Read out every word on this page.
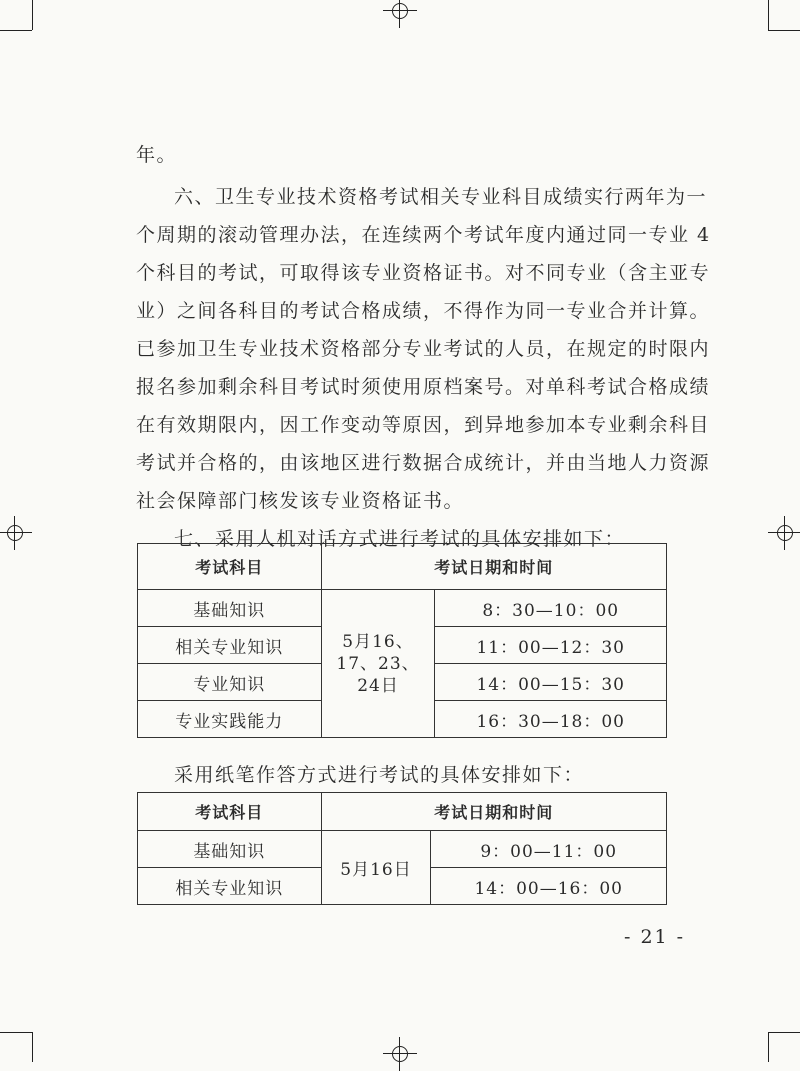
年。
六、卫生专业技术资格考试相关专业科目成绩实行两年为一
个周期的滚动管理办法，在连续两个考试年度内通过同一专业 4
个科目的考试，可取得该专业资格证书。对不同专业（含主亚专
业）之间各科目的考试合格成绩，不得作为同一专业合并计算。
已参加卫生专业技术资格部分专业考试的人员，在规定的时限内
报名参加剩余科目考试时须使用原档案号。对单科考试合格成绩
在有效期限内，因工作变动等原因，到异地参加本专业剩余科目
考试并合格的，由该地区进行数据合成统计，并由当地人力资源
社会保障部门核发该专业资格证书。
七、采用人机对话方式进行考试的具体安排如下：
考试科目	考试日期和时间	
基础知识	5月16、17、23、24日	8：30—10：00
相关专业知识		11：00—12：30
专业知识		14：00—15：30
专业实践能力		16：30—18：00
采用纸笔作答方式进行考试的具体安排如下：
考试科目	考试日期和时间	
基础知识	5月16日	9：00—11：00
相关专业知识		14：00—16：00
- 21 -
